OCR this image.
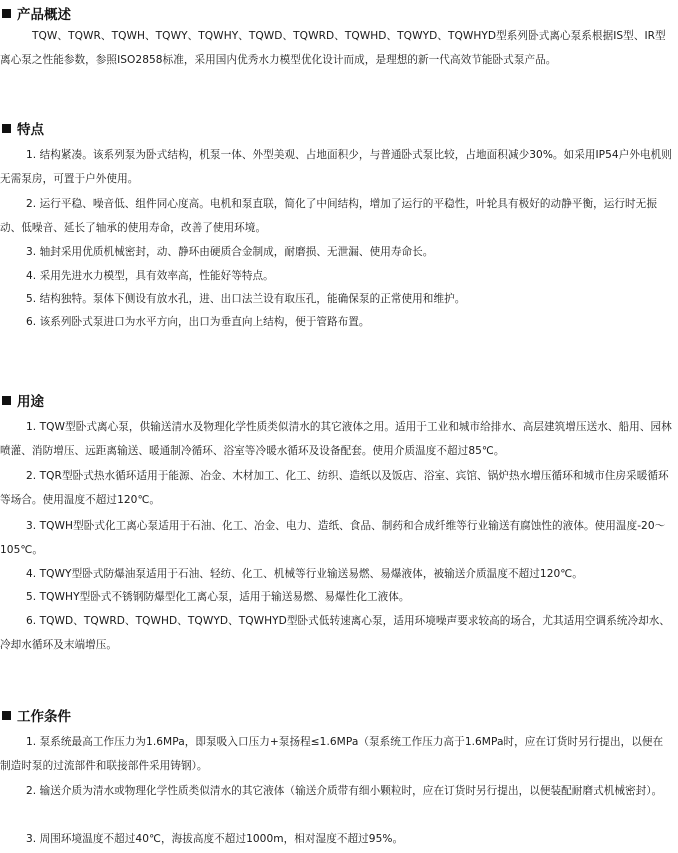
产品概述

TQW、TQWR、TQWH、TQWY、TQWHY、TQWD、TQWRD、TQWHD、TQWYD、TQWHYD型系列卧式离心泵系根据IS型、IR型离心泵之性能参数，参照ISO2858标准，采用国内优秀水力模型优化设计而成，是理想的新一代高效节能卧式泵产品。

特点

1. 结构紧凑。该系列泵为卧式结构，机泵一体、外型美观、占地面积少，与普通卧式泵比较，占地面积减少30%。如采用IP54户外电机则无需泵房，可置于户外使用。

2. 运行平稳、噪音低、组件同心度高。电机和泵直联，简化了中间结构，增加了运行的平稳性，叶轮具有极好的动静平衡，运行时无振动、低噪音、延长了轴承的使用寿命，改善了使用环境。

3. 轴封采用优质机械密封，动、静环由硬质合金制成，耐磨损、无泄漏、使用寿命长。

4. 采用先进水力模型，具有效率高，性能好等特点。

5. 结构独特。泵体下侧设有放水孔，进、出口法兰设有取压孔，能确保泵的正常使用和维护。

6. 该系列卧式泵进口为水平方向，出口为垂直向上结构，便于管路布置。

用途

1. TQW型卧式离心泵，供输送清水及物理化学性质类似清水的其它液体之用。适用于工业和城市给排水、高层建筑增压送水、船用、园林喷灌、消防增压、远距离输送、暖通制冷循环、浴室等冷暖水循环及设备配套。使用介质温度不超过85℃。

2. TQR型卧式热水循环适用于能源、冶金、木材加工、化工、纺织、造纸以及饭店、浴室、宾馆、锅炉热水增压循环和城市住房采暖循环等场合。使用温度不超过120℃。

3. TQWH型卧式化工离心泵适用于石油、化工、冶金、电力、造纸、食品、制药和合成纤维等行业输送有腐蚀性的液体。使用温度-20～105℃。

4. TQWY型卧式防爆油泵适用于石油、轻纺、化工、机械等行业输送易燃、易爆液体，被输送介质温度不超过120℃。

5. TQWHY型卧式不锈钢防爆型化工离心泵，适用于输送易燃、易爆性化工液体。

6. TQWD、TQWRD、TQWHD、TQWYD、TQWHYD型卧式低转速离心泵，适用环境噪声要求较高的场合，尤其适用空调系统冷却水、冷却水循环及末端增压。

工作条件

1. 泵系统最高工作压力为1.6MPa，即泵吸入口压力+泵扬程≤1.6MPa（泵系统工作压力高于1.6MPa时，应在订货时另行提出，以便在制造时泵的过流部件和联接部件采用铸钢）。

2. 输送介质为清水或物理化学性质类似清水的其它液体（输送介质带有细小颗粒时，应在订货时另行提出，以便装配耐磨式机械密封）。

3. 周围环境温度不超过40℃，海拔高度不超过1000m，相对湿度不超过95%。
